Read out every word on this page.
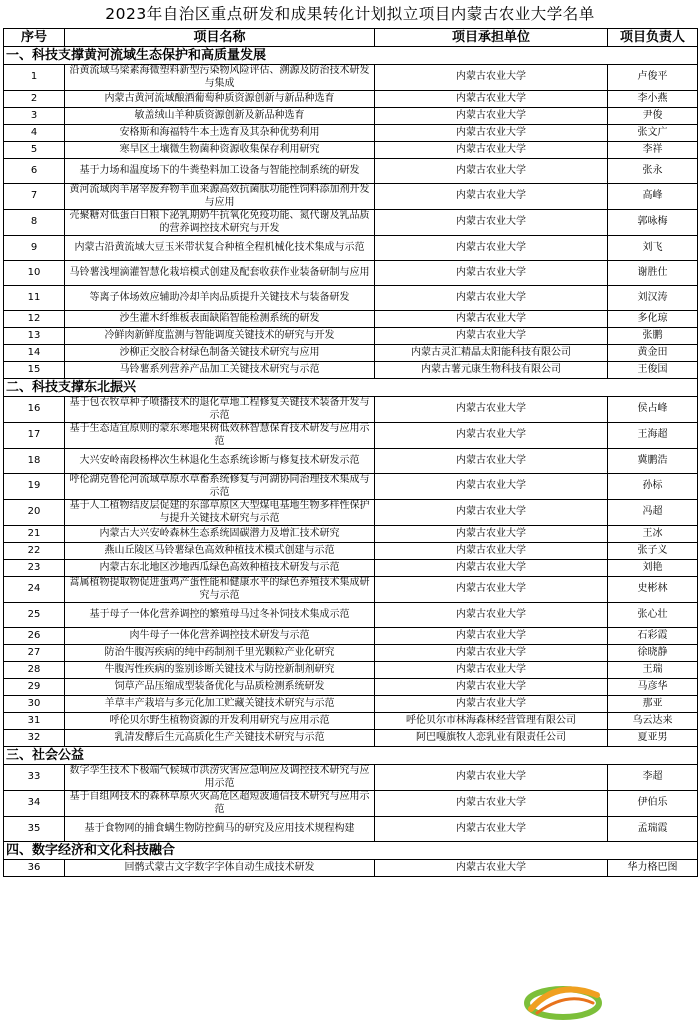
2023年自治区重点研发和成果转化计划拟立项目内蒙古农业大学名单
序号	项目名称	项目承担单位	项目负责人
一、科技支撑黄河流域生态保护和高质量发展			
1	沿黄流域乌梁素海微塑料新型污染物风险评估、溯源及防治技术研发与集成	内蒙古农业大学	卢俊平
2	内蒙古黄河流域酿酒葡萄种质资源创新与新品种选育	内蒙古农业大学	李小燕
3	敏盖绒山羊种质资源创新及新品种选育	内蒙古农业大学	尹俊
4	安格斯和海福特牛本土选育及其杂种优势利用	内蒙古农业大学	张文广
5	寒旱区土壤微生物菌种资源收集保存利用研究	内蒙古农业大学	李祥
6	基于力场和温度场下的牛粪垫料加工设备与智能控制系统的研发	内蒙古农业大学	张永
7	黄河流域肉羊屠宰废弃物羊血来源高效抗菌肽功能性饲料添加剂开发与应用	内蒙古农业大学	高峰
8	壳聚糖对低蛋白日粮下泌乳期奶牛抗氧化免疫功能、氮代谢及乳品质的营养调控技术研究与开发	内蒙古农业大学	郭咏梅
9	内蒙古沿黄流域大豆玉米带状复合种植全程机械化技术集成与示范	内蒙古农业大学	刘飞
10	马铃薯浅埋滴灌智慧化栽培模式创建及配套收获作业装备研制与应用	内蒙古农业大学	谢胜仕
11	等离子体场效应辅助冷却羊肉品质提升关键技术与装备研发	内蒙古农业大学	刘汉涛
12	沙生灌木纤维板表面缺陷智能检测系统的研发	内蒙古农业大学	多化琼
13	冷鲜肉新鲜度监测与智能调度关键技术的研究与开发	内蒙古农业大学	张鹏
14	沙柳正交胶合材绿色制备关键技术研究与应用	内蒙古灵汇精晶太阳能科技有限公司	黄金田
15	马铃薯系列营养产品加工关键技术研究与示范	内蒙古薯元康生物科技有限公司	王俊国
二、科技支撑东北振兴			
16	基于包衣牧草种子喷播技术的退化草地工程修复关键技术装备开发与示范	内蒙古农业大学	侯占峰
17	基于生态适宜原则的蒙东寒地果树低效林智慧保育技术研发与应用示范	内蒙古农业大学	王海超
18	大兴安岭南段杨桦次生林退化生态系统诊断与修复技术研发示范	内蒙古农业大学	冀鹏浩
19	呼伦湖克鲁伦河流域草原水草畜系统修复与河湖协同治理技术集成与示范	内蒙古农业大学	孙标
20	基于人工植物结皮层促建的东部草原区大型煤电基地生物多样性保护与提升关键技术研究与示范	内蒙古农业大学	冯超
21	内蒙古大兴安岭森林生态系统固碳潜力及增汇技术研究	内蒙古农业大学	王冰
22	燕山丘陵区马铃薯绿色高效种植技术模式创建与示范	内蒙古农业大学	张子义
23	内蒙古东北地区沙地西瓜绿色高效种植技术研发与示范	内蒙古农业大学	刘艳
24	蒿属植物提取物促进蛋鸡产蛋性能和健康水平的绿色养殖技术集成研究与示范	内蒙古农业大学	史彬林
25	基于母子一体化营养调控的繁殖母马过冬补饲技术集成示范	内蒙古农业大学	张心壮
26	肉牛母子一体化营养调控技术研发与示范	内蒙古农业大学	石彩霞
27	防治牛腹泻疾病的纯中药制剂千里光颗粒产业化研究	内蒙古农业大学	徐晓静
28	牛腹泻性疾病的鉴别诊断关键技术与防控新制剂研究	内蒙古农业大学	王瑞
29	饲草产品压缩成型装备优化与品质检测系统研发	内蒙古农业大学	马彦华
30	羊草丰产栽培与多元化加工贮藏关键技术研究与示范	内蒙古农业大学	那亚
31	呼伦贝尔野生植物资源的开发利用研究与应用示范	呼伦贝尔市林海森林经营管理有限公司	乌云达来
32	乳清发酵后生元高质化生产关键技术研究与示范	阿巴嘎旗牧人恋乳业有限责任公司	夏亚男
三、社会公益			
33	数字孪生技术下极端气候城市洪涝灾害应急响应及调控技术研究与应用示范	内蒙古农业大学	李超
34	基于自组网技术的森林草原火灾高危区超短波通信技术研究与应用示范	内蒙古农业大学	伊伯乐
35	基于食物网的捕食螨生物防控蓟马的研究及应用技术规程构建	内蒙古农业大学	孟瑞霞
四、数字经济和文化科技融合			
36	回鹘式蒙古文字数字字体自动生成技术研发	内蒙古农业大学	华力格巴图
